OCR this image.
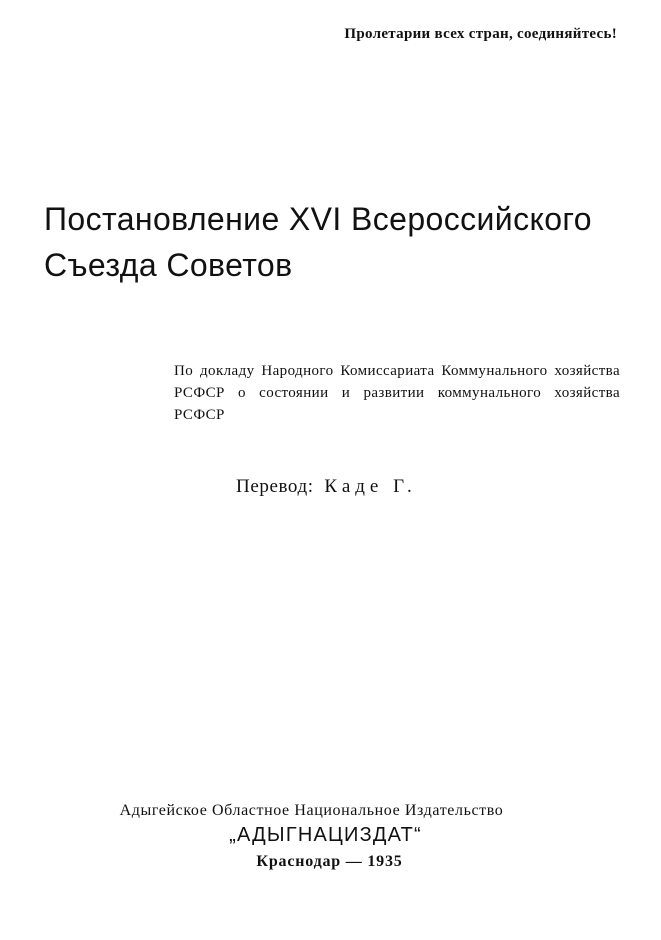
Пролетарии всех стран, соединяйтесь!
Постановление XVI Всероссийского
Съезда Советов
По докладу Народного Комиссариата Коммунального хозяйства РСФСР о состоянии и развитии коммунального хозяйства РСФСР
Перевод: Каде Г.
Адыгейское Областное Национальное Издательство
„АДЫГНАЦИЗДАТ“
Краснодар — 1935
